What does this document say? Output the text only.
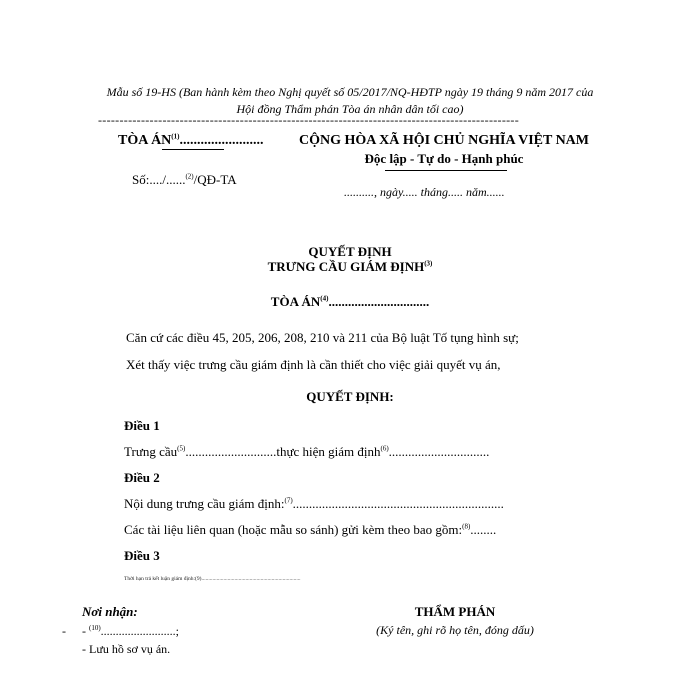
Mẫu số 19-HS (Ban hành kèm theo Nghị quyết số 05/2017/NQ-HĐTP ngày 19 tháng 9 năm 2017 của
Hội đồng Thẩm phán Tòa án nhân dân tối cao)
--------------------------------------------------------------------------------------------------
TÒA ÁN$^{(1)}$........................
Số:..../......$^{(2)}$/QĐ-TA
CỘNG HÒA XÃ HỘI CHỦ NGHĨA VIỆT NAM
Độc lập - Tự do - Hạnh phúc
.........., ngày..... tháng..... năm......
QUYẾT ĐỊNH
TRƯNG CẦU GIÁM ĐỊNH$^{(3)}$
TÒA ÁN$^{(4)}$...............................
Căn cứ các điều 45, 205, 206, 208, 210 và 211 của Bộ luật Tố tụng hình sự;
Xét thấy việc trưng cầu giám định là cần thiết cho việc giải quyết vụ án,
QUYẾT ĐỊNH:
Điều 1
Trưng cầu$^{(5)}$............................thực hiện giám định$^{(6)}$...............................
Điều 2
Nội dung trưng cầu giám định:$^{(7)}$.................................................................
Các tài liệu liên quan (hoặc mẫu so sánh) gửi kèm theo bao gồm:$^{(8)}$........
Điều 3
Thời hạn trả kết luận giám định:(9)........................................................................
Nơi nhận:
- - $^{(10)}$.........................;
- Lưu hồ sơ vụ án.
THẨM PHÁN
(Ký tên, ghi rõ họ tên, đóng dấu)
